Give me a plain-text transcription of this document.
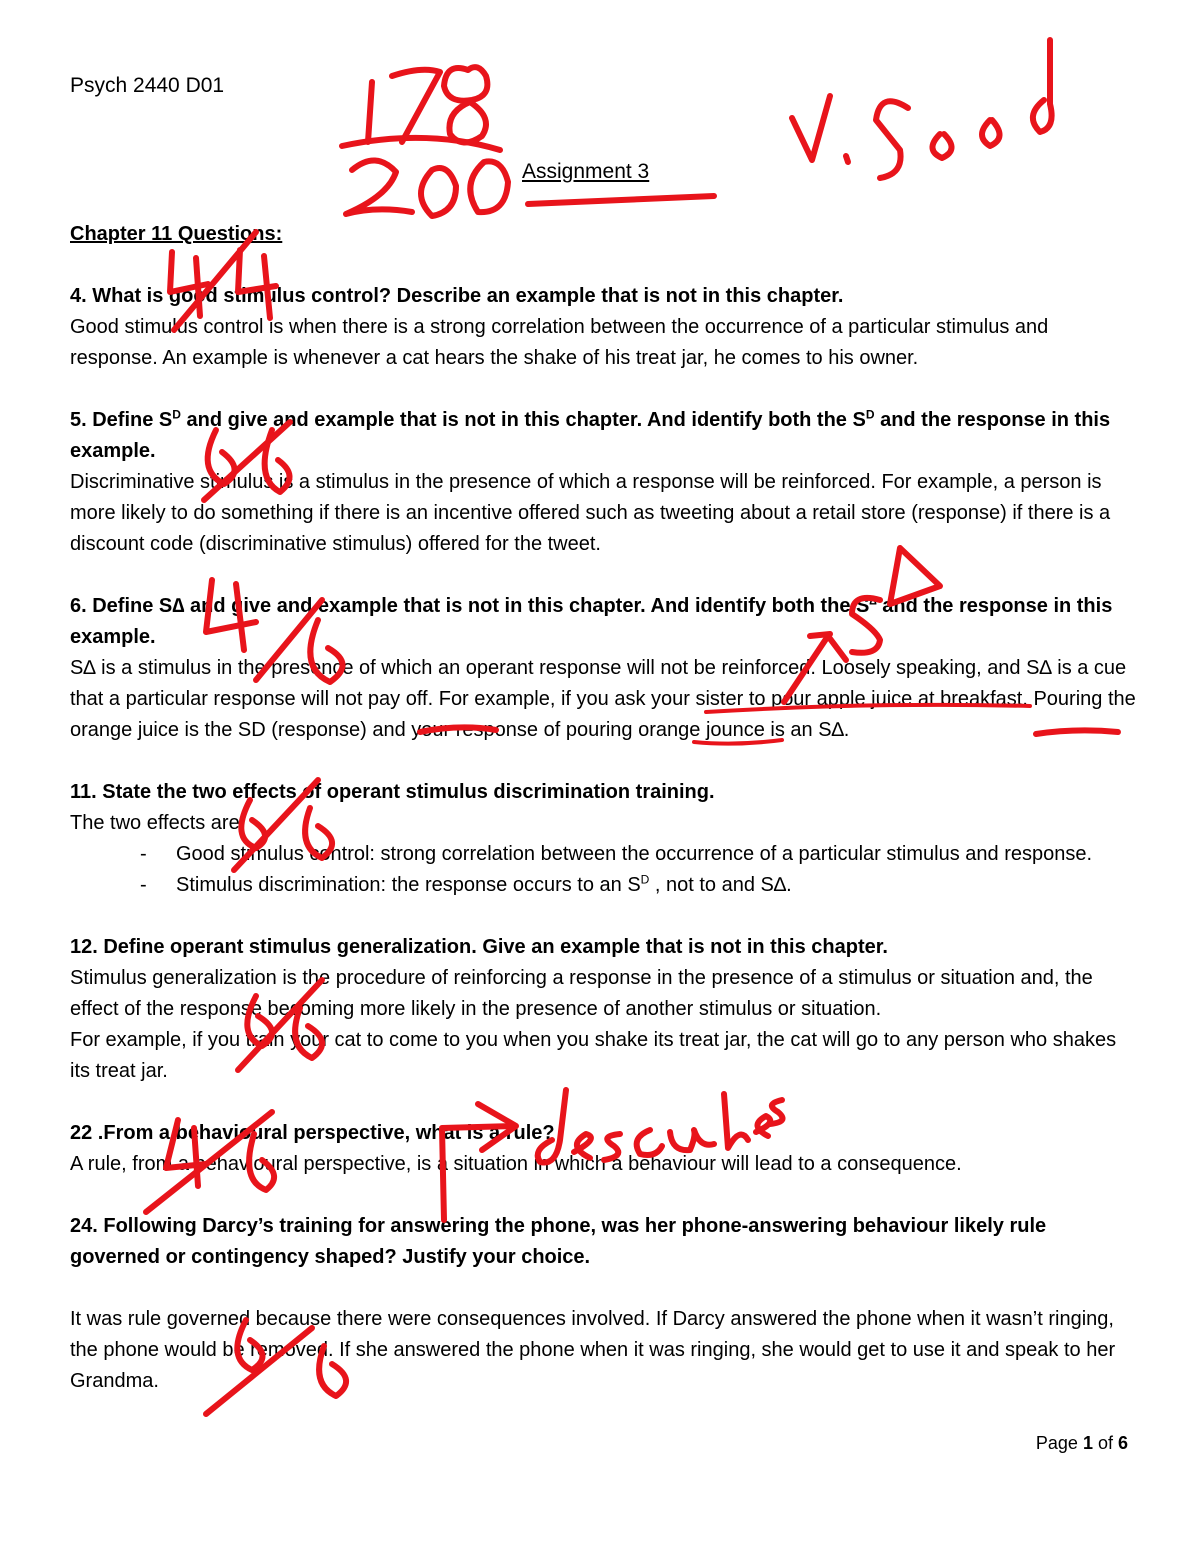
Psych 2440 D01
Assignment 3

Chapter 11 Questions:

4. What is good stimulus control? Describe an example that is not in this chapter.

Good stimulus control is when there is a strong correlation between the occurrence of a particular stimulus and response. An example is whenever a cat hears the shake of his treat jar, he comes to his owner.

5. Define $S^D$ and give and example that is not in this chapter. And identify both the $S^D$ and the response in this example.

Discriminative stimulus is a stimulus in the presence of which a response will be reinforced. For example, a person is more likely to do something if there is an incentive offered such as tweeting about a retail store (response) if there is a discount code (discriminative stimulus) offered for the tweet.

6. Define S∆ and give and example that is not in this chapter. And identify both the S∆ and the response in this example.

S∆ is a stimulus in the presence of which an operant response will not be reinforced. Loosely speaking, and S∆ is a cue that a particular response will not pay off. For example, if you ask your sister to pour apple juice at breakfast. Pouring the orange juice is the SD (response) and your response of pouring orange jounce is an S∆.

11. State the two effects of operant stimulus discrimination training.

The two effects are:

- Good stimulus control: strong correlation between the occurrence of a particular stimulus and response.
- Stimulus discrimination: the response occurs to an $S^D$ , not to and S∆.

12. Define operant stimulus generalization. Give an example that is not in this chapter.

Stimulus generalization is the procedure of reinforcing a response in the presence of a stimulus or situation and, the effect of the response becoming more likely in the presence of another stimulus or situation.

For example, if you train your cat to come to you when you shake its treat jar, the cat will go to any person who shakes its treat jar.

22 .From a behavioural perspective, what is a rule?

A rule, from a behavioural perspective, is a situation in which a behaviour will lead to a consequence.

24. Following Darcy’s training for answering the phone, was her phone-answering behaviour likely rule governed or contingency shaped? Justify your choice.

It was rule governed because there were consequences involved. If Darcy answered the phone when it wasn’t ringing, the phone would be removed. If she answered the phone when it was ringing, she would get to use it and speak to her Grandma.

Page 1 of 6
